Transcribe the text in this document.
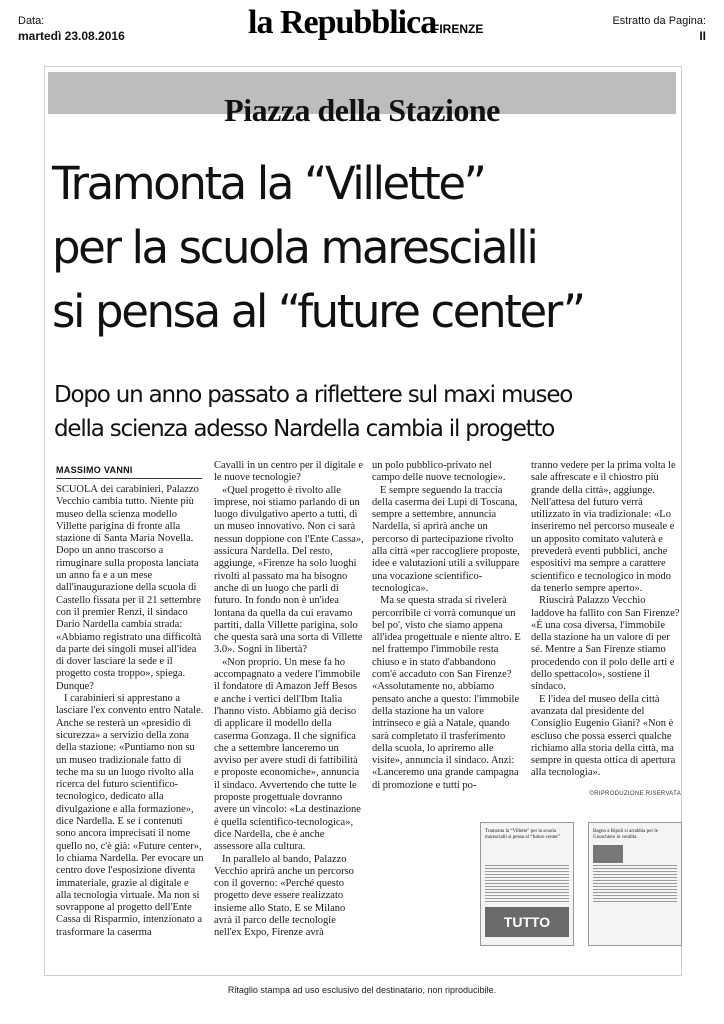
Data:
martedì 23.08.2016	la Repubblica
FIRENZE
Estratto da Pagina:
II
Piazza della Stazione
Tramonta la “Villette”
per la scuola marescialli
si pensa al “future center”
Dopo un anno passato a riflettere sul maxi museo
della scienza adesso Nardella cambia il progetto
MASSIMO VANNI

SCUOLA dei carabinieri, Palazzo Vecchio cambia tutto. Niente più museo della scienza modello Villette parigina di fronte alla stazione di Santa Maria Novella. Dopo un anno trascorso a rimuginare sulla proposta lanciata un anno fa e a un mese dall'inaugurazione della scuola di Castello fissata per il 21 settembre con il premier Renzi, il sindaco Dario Nardella cambia strada: «Abbiamo registrato una difficoltà da parte dei singoli musei all'idea di dover lasciare la sede e il progetto costa troppo», spiega. Dunque?

I carabinieri si apprestano a lasciare l'ex convento entro Natale. Anche se resterà un «presidio di sicurezza» a servizio della zona della stazione: «Puntiamo non su un museo tradizionale fatto di teche ma su un luogo rivolto alla ricerca del futuro scientifico-tecnologico, dedicato alla divulgazione e alla formazione», dice Nardella. E se i contenuti sono ancora imprecisati il nome quello no, c'è già: «Future center», lo chiama Nardella. Per evocare un centro dove l'esposizione diventa immateriale, grazie al digitale e alla tecnologia virtuale. Ma non si sovrappone al progetto dell'Ente Cassa di Risparmio, intenzionato a trasformare la caserma

Cavalli in un centro per il digitale e le nuove tecnologie?

«Quel progetto è rivolto alle imprese, noi stiamo parlando di un luogo divulgativo aperto a tutti, di un museo innovativo. Non ci sarà nessun doppione con l'Ente Cassa», assicura Nardella. Del resto, aggiunge, «Firenze ha solo luoghi rivolti al passato ma ha bisogno anche di un luogo che parli di futuro. In fondo non è un'idea lontana da quella da cui eravamo partiti, dalla Villette parigina, solo che questa sarà una sorta di Villette 3.0». Sogni in libertà?

«Non proprio. Un mese fa ho accompagnato a vedere l'immobile il fondatore di Amazon Jeff Besos e anche i vertici dell'Ibm Italia l'hanno visto. Abbiamo già deciso di applicare il modello della caserma Gonzaga. Il che significa che a settembre lanceremo un avviso per avere studi di fattibilità e proposte economiche», annuncia il sindaco. Avvertendo che tutte le proposte progettuale dovranno avere un vincolo: «La destinazione è quella scientifico-tecnologica», dice Nardella, che è anche assessore alla cultura.

In parallelo al bando, Palazzo Vecchio aprirà anche un percorso con il governo: «Perché questo progetto deve essere realizzato insieme allo Stato. E se Milano avrà il parco delle tecnologie nell'ex Expo, Firenze avrà

un polo pubblico-privato nel campo delle nuove tecnologie».

E sempre seguendo la traccia della caserma dei Lupi di Toscana, sempre a settembre, annuncia Nardella, si aprirà anche un percorso di partecipazione rivolto alla città «per raccogliere proposte, idee e valutazioni utili a sviluppare una vocazione scientifico-tecnologica».

Ma se questa strada si rivelerà percorribile ci vorrà comunque un bel po', visto che siamo appena all'idea progettuale e niente altro. E nel frattempo l'immobile resta chiuso e in stato d'abbandono com'è accaduto con San Firenze? «Assolutamente no, abbiamo pensato anche a questo: l'immobile della stazione ha un valore intrinseco e già a Natale, quando sarà completato il trasferimento della scuola, lo apriremo alle visite», annuncia il sindaco. Anzi: «Lanceremo una grande campagna di promozione e tutti po-

tranno vedere per la prima volta le sale affrescate e il chiostro più grande della città», aggiunge. Nell'attesa del futuro verrà utilizzato in via tradizionale: «Lo inseriremo nel percorso museale e un apposito comitato valuterà e prevederà eventi pubblici, anche espositivi ma sempre a carattere scientifico e tecnologico in modo da tenerlo sempre aperto».

Riuscirà Palazzo Vecchio laddove ha fallito con San Firenze? «È una cosa diversa, l'immobile della stazione ha un valore di per sé. Mentre a San Firenze stiamo procedendo con il polo delle arti e dello spettacolo», sostiene il sindaco.

E l'idea del museo della città avanzata dal presidente del Consiglio Eugenio Giani? «Non è escluso che possa esserci qualche richiamo alla storia della città, ma sempre in questa ottica di apertura alla tecnologia».

©RIPRODUZIONE RISERVATA
Tramonta la “Villette” per la scuola marescialli si pensa al “future center”
TUTTO
Bagno a Ripoli si arrabbia per le Giunchiere in vendita
Ritaglio stampa ad uso esclusivo del destinatario, non riproducibile.
